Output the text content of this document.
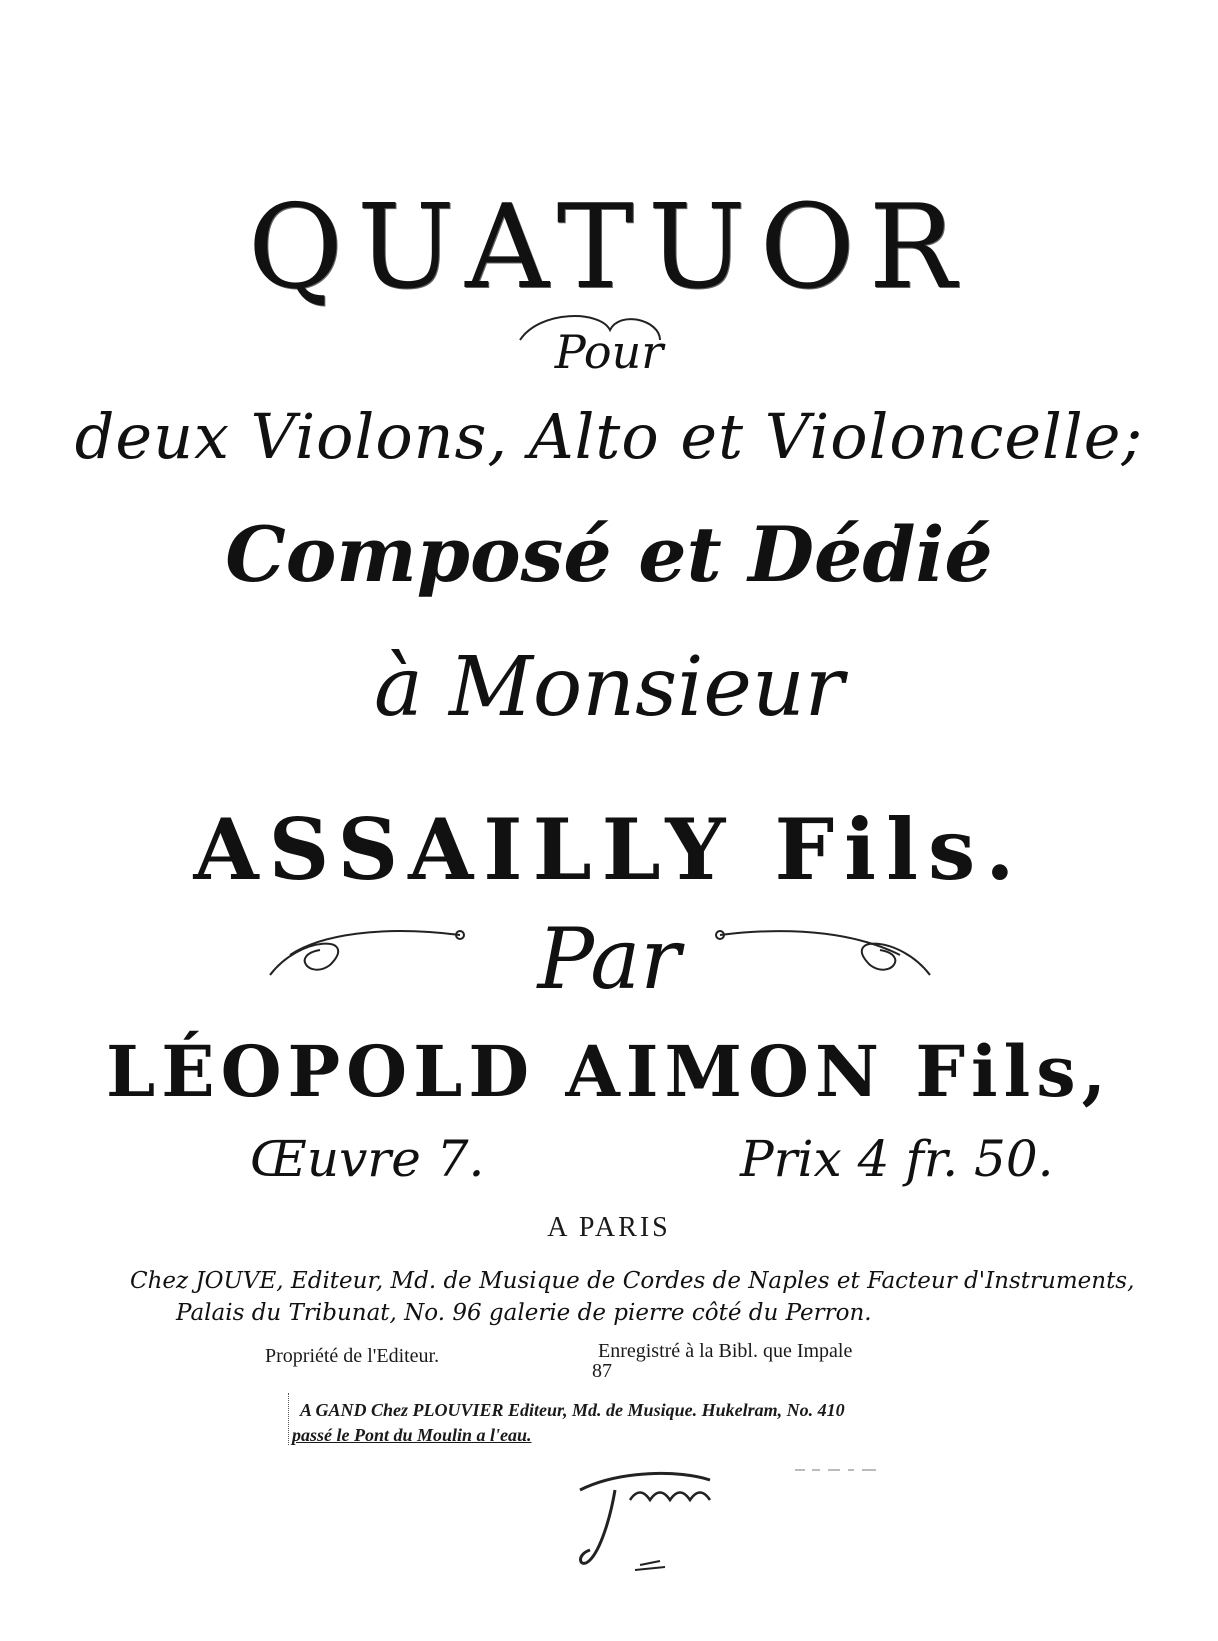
QUATUOR
Pour
deux Violons, Alto et Violoncelle;
Composé et Dédié
à Monsieur
ASSAILLY Fils.
Par
LÉOPOLD AIMON Fils,
Œuvre 7.	Prix 4 fr. 50.
A PARIS
Chez JOUVE, Editeur, Md. de Musique de Cordes de Naples et Facteur d'Instruments,
Palais du Tribunat, No. 96 galerie de pierre côté du Perron.
Propriété de l'Editeur.	Enregistré à la Bibl. que Impale
87
A GAND Chez PLOUVIER Editeur, Md. de Musique. Hukelram, No. 410
passé le Pont du Moulin a l'eau.
